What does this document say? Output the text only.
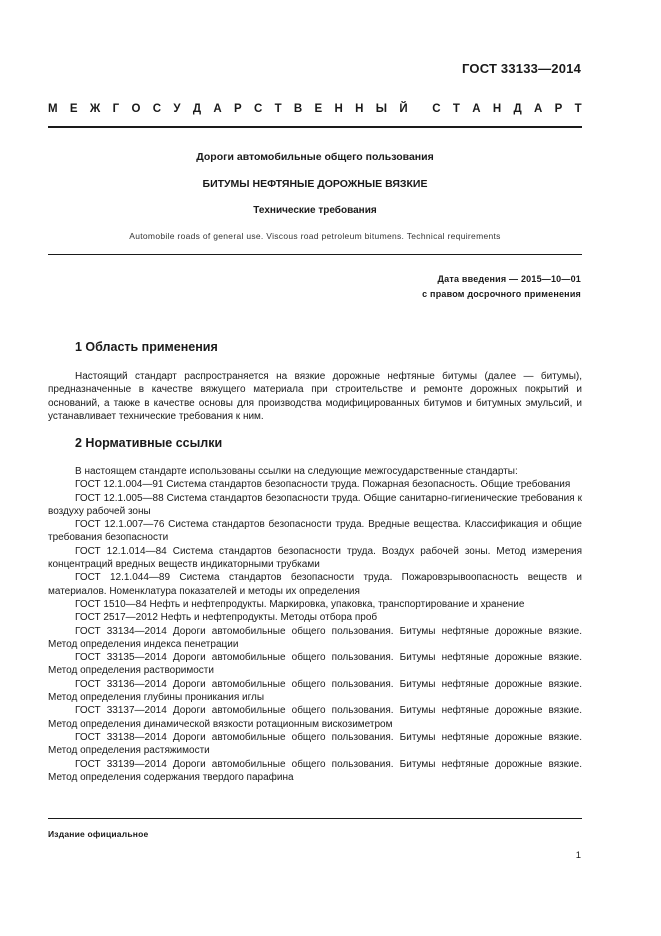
ГОСТ 33133—2014
М Е Ж Г О С У Д А Р С Т В Е Н Н Ы Й С Т А Н Д А Р Т
Дороги автомобильные общего пользования
БИТУМЫ НЕФТЯНЫЕ ДОРОЖНЫЕ ВЯЗКИЕ
Технические требования
Automobile roads of general use. Viscous road petroleum bitumens. Technical requirements
Дата введения — 2015—10—01
с правом досрочного применения
1 Область применения

Настоящий стандарт распространяется на вязкие дорожные нефтяные битумы (далее — битумы), предназначенные в качестве вяжущего материала при строительстве и ремонте дорожных покрытий и оснований, а также в качестве основы для производства модифицированных битумов и битумных эмульсий, и устанавливает технические требования к ним.

2 Нормативные ссылки

В настоящем стандарте использованы ссылки на следующие межгосударственные стандарты:

ГОСТ 12.1.004—91 Система стандартов безопасности труда. Пожарная безопасность. Общие требования

ГОСТ 12.1.005—88 Система стандартов безопасности труда. Общие санитарно-гигиенические требования к воздуху рабочей зоны

ГОСТ 12.1.007—76 Система стандартов безопасности труда. Вредные вещества. Классификация и общие требования безопасности

ГОСТ 12.1.014—84 Система стандартов безопасности труда. Воздух рабочей зоны. Метод измерения концентраций вредных веществ индикаторными трубками

ГОСТ 12.1.044—89 Система стандартов безопасности труда. Пожаровзрывоопасность веществ и материалов. Номенклатура показателей и методы их определения

ГОСТ 1510—84 Нефть и нефтепродукты. Маркировка, упаковка, транспортирование и хранение

ГОСТ 2517—2012 Нефть и нефтепродукты. Методы отбора проб

ГОСТ 33134—2014 Дороги автомобильные общего пользования. Битумы нефтяные дорожные вязкие. Метод определения индекса пенетрации

ГОСТ 33135—2014 Дороги автомобильные общего пользования. Битумы нефтяные дорожные вязкие. Метод определения растворимости

ГОСТ 33136—2014 Дороги автомобильные общего пользования. Битумы нефтяные дорожные вязкие. Метод определения глубины проникания иглы

ГОСТ 33137—2014 Дороги автомобильные общего пользования. Битумы нефтяные дорожные вязкие. Метод определения динамической вязкости ротационным вискозиметром

ГОСТ 33138—2014 Дороги автомобильные общего пользования. Битумы нефтяные дорожные вязкие. Метод определения растяжимости

ГОСТ 33139—2014 Дороги автомобильные общего пользования. Битумы нефтяные дорожные вязкие. Метод определения содержания твердого парафина

Издание официальное
1
